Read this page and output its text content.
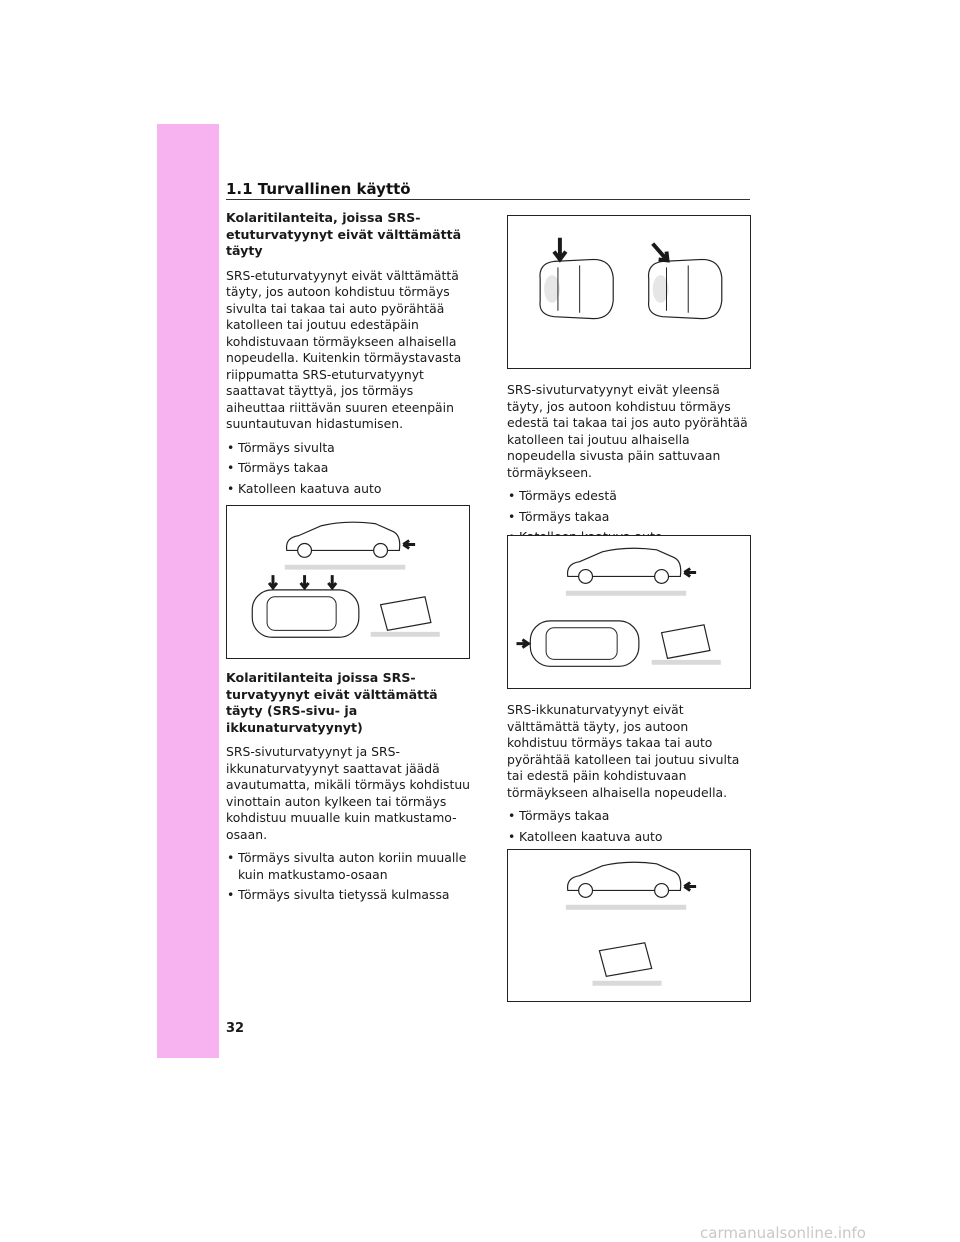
1.1 Turvallinen käyttö
Kolaritilanteita, joissa SRS-etuturvatyynyt eivät välttämättä täyty

SRS-etuturvatyynyt eivät välttämättä täyty, jos autoon kohdistuu törmäys sivulta tai takaa tai auto pyörähtää katolleen tai joutuu edestäpäin kohdistuvaan törmäykseen alhaisella nopeudella. Kuitenkin törmäystavasta riippumatta SRS-etuturvatyynyt saattavat täyttyä, jos törmäys aiheuttaa riittävän suuren eteenpäin suuntautuvan hidastumisen.

• Törmäys sivulta
• Törmäys takaa
• Katolleen kaatuva auto
Kolaritilanteita joissa SRS-turvatyynyt eivät välttämättä täyty (SRS-sivu- ja ikkunaturvatyynyt)

SRS-sivuturvatyynyt ja SRS-ikkunaturvatyynyt saattavat jäädä avautumatta, mikäli törmäys kohdistuu vinottain auton kylkeen tai törmäys kohdistuu muualle kuin matkustamo-osaan.

• Törmäys sivulta auton koriin muualle kuin matkustamo-osaan
• Törmäys sivulta tietyssä kulmassa

SRS-sivuturvatyynyt eivät yleensä täyty, jos autoon kohdistuu törmäys edestä tai takaa tai jos auto pyörähtää katolleen tai joutuu alhaisella nopeudella sivusta päin sattuvaan törmäykseen.

• Törmäys edestä
• Törmäys takaa
•

SRS-ikkunaturvatyynyt eivät välttämättä täyty, jos autoon kohdistuu törmäys takaa tai auto pyörähtää katolleen tai joutuu sivulta tai edestä päin kohdistuvaan törmäykseen alhaisella nopeudella.

• Törmäys takaa
• Katolleen kaatuva auto
32
carmanualsonline.info
